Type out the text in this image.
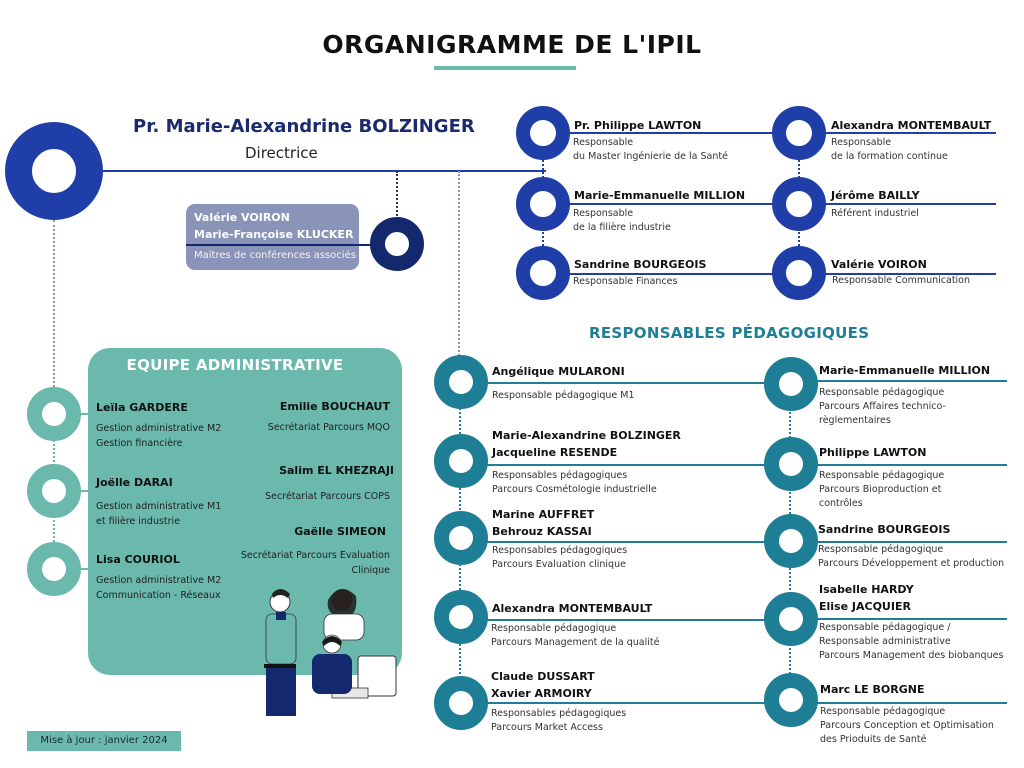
ORGANIGRAMME DE L'IPIL
Pr. Marie-Alexandrine BOLZINGER
Directrice
Valérie VOIRON
Marie-Françoise KLUCKER
Maitres de conférences associés
Pr. Philippe LAWTON
Responsable
du Master Ingénierie de la Santé
Marie-Emmanuelle MILLION
Responsable
de la filière industrie
Sandrine BOURGEOIS
Responsable Finances
Alexandra MONTEMBAULT
Responsable
de la formation continue
Jérôme BAILLY
Référent industriel
Valérie VOIRON
Responsable Communication
EQUIPE ADMINISTRATIVE
Leïla GARDERE
Gestion administrative M2
Gestion financière
Joëlle DARAI
Gestion administrative M1
et filière industrie
Lisa COURIOL
Gestion administrative M2
Communication - Réseaux
Emilie BOUCHAUT
Secrétariat Parcours MQO
Salim EL KHEZRAJI
Secrétariat Parcours COPS
Gaëlle SIMEON
Secrétariat Parcours Evaluation
Clinique
RESPONSABLES PÉDAGOGIQUES
Angélique MULARONI
Responsable pédagogique M1
Marie-Alexandrine BOLZINGER
Jacqueline RESENDE
Responsables pédagogiques
Parcours Cosmétologie industrielle
Marine AUFFRET
Behrouz KASSAI
Responsables pédagogiques
Parcours Evaluation clinique
Alexandra MONTEMBAULT
Responsable pédagogique
Parcours Management de la qualité
Claude DUSSART
Xavier ARMOIRY
Responsables pédagogiques
Parcours Market Access
Marie-Emmanuelle MILLION
Responsable pédagogique
Parcours Affaires technico-
règlementaires
Philippe LAWTON
Responsable pédagogique
Parcours Bioproduction et
contrôles
Sandrine BOURGEOIS
Responsable pédagogique
Parcours Développement et production
Isabelle HARDY
Elise JACQUIER
Responsable pédagogique /
Responsable administrative
Parcours Management des biobanques
Marc LE BORGNE
Responsable pédagogique
Parcours Conception et Optimisation
des Prioduits de Santé
Mise à jour : janvier 2024
